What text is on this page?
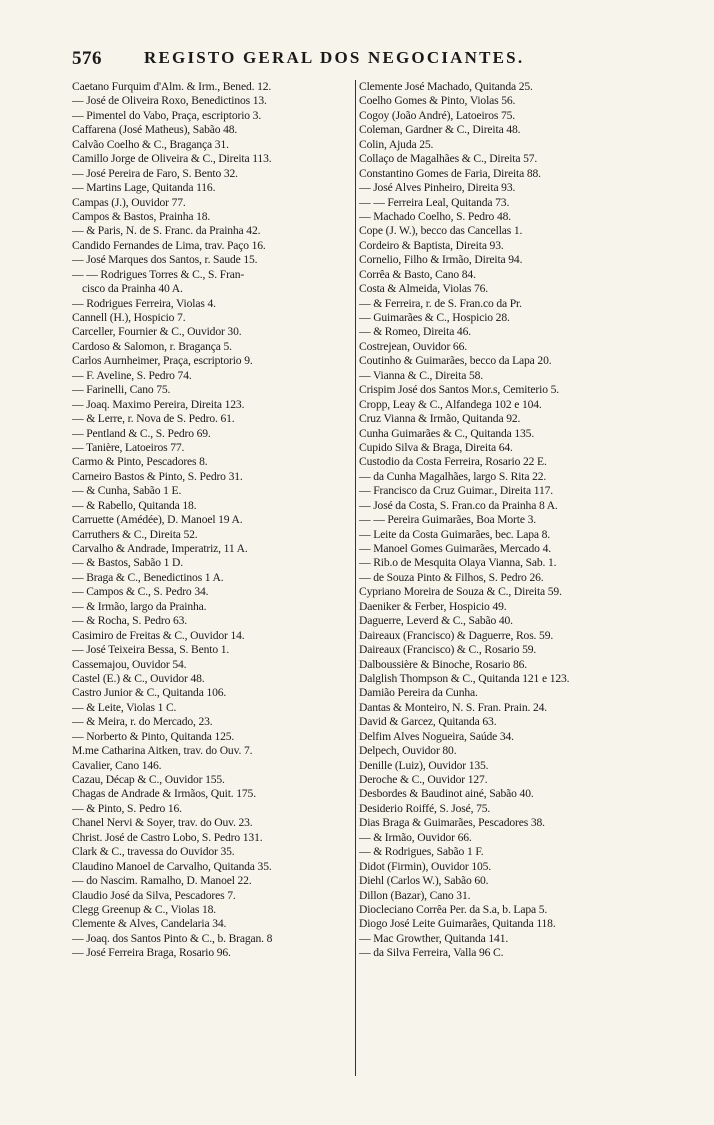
576 REGISTO GERAL DOS NEGOCIANTES.
Caetano Furquim d'Alm. & Irm., Bened. 12.
— José de Oliveira Roxo, Benedictinos 13.
— Pimentel do Vabo, Praça, escriptorio 3.
Caffarena (José Matheus), Sabão 48.
Calvão Coelho & C., Bragança 31.
Camillo Jorge de Oliveira & C., Direita 113.
— José Pereira de Faro, S. Bento 32.
— Martins Lage, Quitanda 116.
Campas (J.), Ouvidor 77.
Campos & Bastos, Prainha 18.
— & Paris, N. de S. Franc. da Prainha 42.
Candido Fernandes de Lima, trav. Paço 16.
— José Marques dos Santos, r. Saude 15.
— — Rodrigues Torres & C., S. Fran-
cisco da Prainha 40 A.
— Rodrigues Ferreira, Violas 4.
Cannell (H.), Hospicio 7.
Carceller, Fournier & C., Ouvidor 30.
Cardoso & Salomon, r. Bragança 5.
Carlos Aurnheimer, Praça, escriptorio 9.
— F. Aveline, S. Pedro 74.
— Farinelli, Cano 75.
— Joaq. Maximo Pereira, Direita 123.
— & Lerre, r. Nova de S. Pedro. 61.
— Pentland & C., S. Pedro 69.
— Tanière, Latoeiros 77.
Carmo & Pinto, Pescadores 8.
Carneiro Bastos & Pinto, S. Pedro 31.
— & Cunha, Sabão 1 E.
— & Rabello, Quitanda 18.
Carruette (Amédée), D. Manoel 19 A.
Carruthers & C., Direita 52.
Carvalho & Andrade, Imperatriz, 11 A.
— & Bastos, Sabão 1 D.
— Braga & C., Benedictinos 1 A.
— Campos & C., S. Pedro 34.
— & Irmão, largo da Prainha.
— & Rocha, S. Pedro 63.
Casimiro de Freitas & C., Ouvidor 14.
— José Teixeira Bessa, S. Bento 1.
Cassemajou, Ouvidor 54.
Castel (E.) & C., Ouvidor 48.
Castro Junior & C., Quitanda 106.
— & Leite, Violas 1 C.
— & Meira, r. do Mercado, 23.
— Norberto & Pinto, Quitanda 125.
M.me Catharina Aitken, trav. do Ouv. 7.
Cavalier, Cano 146.
Cazau, Décap & C., Ouvidor 155.
Chagas de Andrade & Irmãos, Quit. 175.
— & Pinto, S. Pedro 16.
Chanel Nervi & Soyer, trav. do Ouv. 23.
Christ. José de Castro Lobo, S. Pedro 131.
Clark & C., travessa do Ouvidor 35.
Claudino Manoel de Carvalho, Quitanda 35.
— do Nascim. Ramalho, D. Manoel 22.
Claudio José da Silva, Pescadores 7.
Clegg Greenup & C., Violas 18.
Clemente & Alves, Candelaria 34.
— Joaq. dos Santos Pinto & C., b. Bragan. 8
— José Ferreira Braga, Rosario 96.
Clemente José Machado, Quitanda 25.
Coelho Gomes & Pinto, Violas 56.
Cogoy (João André), Latoeiros 75.
Coleman, Gardner & C., Direita 48.
Colin, Ajuda 25.
Collaço de Magalhães & C., Direita 57.
Constantino Gomes de Faria, Direita 88.
— José Alves Pinheiro, Direita 93.
— — Ferreira Leal, Quitanda 73.
— Machado Coelho, S. Pedro 48.
Cope (J. W.), becco das Cancellas 1.
Cordeiro & Baptista, Direita 93.
Cornelio, Filho & Irmão, Direita 94.
Corrêa & Basto, Cano 84.
Costa & Almeida, Violas 76.
— & Ferreira, r. de S. Fran.co da Pr.
— Guimarães & C., Hospicio 28.
— & Romeo, Direita 46.
Costrejean, Ouvidor 66.
Coutinho & Guimarães, becco da Lapa 20.
— Vianna & C., Direita 58.
Crispim José dos Santos Mor.s, Cemiterio 5.
Cropp, Leay & C., Alfandega 102 e 104.
Cruz Vianna & Irmão, Quitanda 92.
Cunha Guimarães & C., Quitanda 135.
Cupido Silva & Braga, Direita 64.
Custodio da Costa Ferreira, Rosario 22 E.
— da Cunha Magalhães, largo S. Rita 22.
— Francisco da Cruz Guimar., Direita 117.
— José da Costa, S. Fran.co da Prainha 8 A.
— — Pereira Guimarães, Boa Morte 3.
— Leite da Costa Guimarães, bec. Lapa 8.
— Manoel Gomes Guimarães, Mercado 4.
— Rib.o de Mesquita Olaya Vianna, Sab. 1.
— de Souza Pinto & Filhos, S. Pedro 26.
Cypriano Moreira de Souza & C., Direita 59.
Daeniker & Ferber, Hospicio 49.
Daguerre, Leverd & C., Sabão 40.
Daireaux (Francisco) & Daguerre, Ros. 59.
Daireaux (Francisco) & C., Rosario 59.
Dalboussière & Binoche, Rosario 86.
Dalglish Thompson & C., Quitanda 121 e 123.
Damião Pereira da Cunha.
Dantas & Monteiro, N. S. Fran. Prain. 24.
David & Garcez, Quitanda 63.
Delfim Alves Nogueira, Saúde 34.
Delpech, Ouvidor 80.
Denille (Luiz), Ouvidor 135.
Deroche & C., Ouvidor 127.
Desbordes & Baudinot ainé, Sabão 40.
Desiderio Roiffé, S. José, 75.
Dias Braga & Guimarães, Pescadores 38.
— & Irmão, Ouvidor 66.
— & Rodrigues, Sabão 1 F.
Didot (Firmin), Ouvidor 105.
Diehl (Carlos W.), Sabão 60.
Dillon (Bazar), Cano 31.
Diocleciano Corrêa Per. da S.a, b. Lapa 5.
Diogo José Leite Guimarães, Quitanda 118.
— Mac Growther, Quitanda 141.
— da Silva Ferreira, Valla 96 C.
